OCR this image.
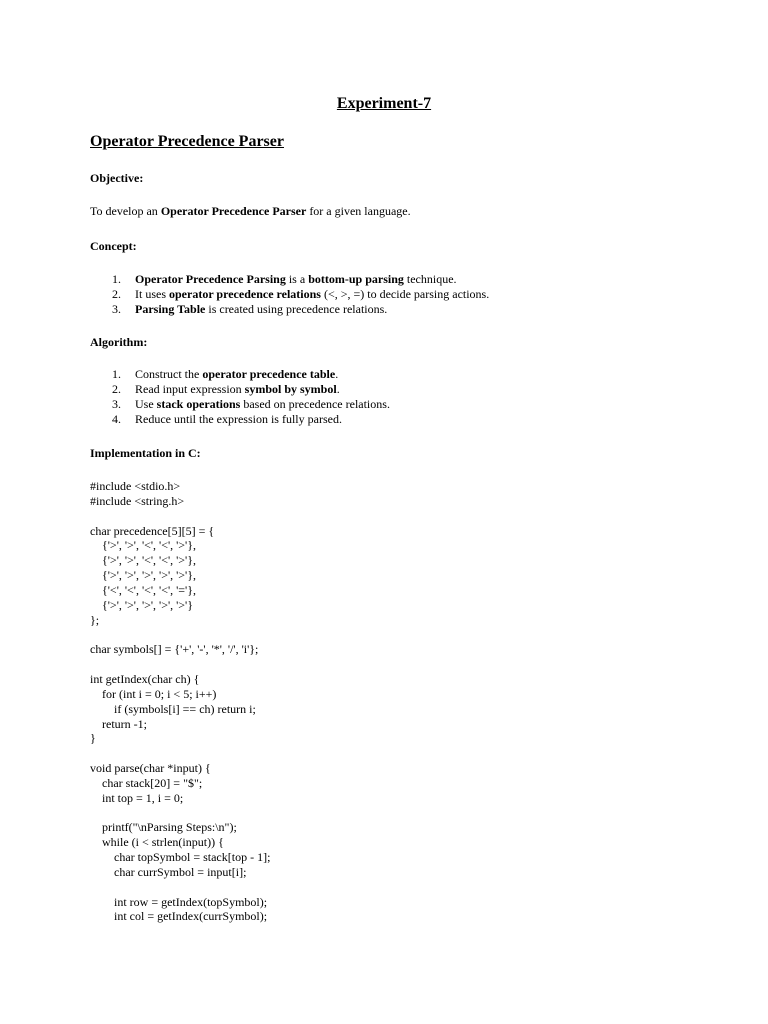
Experiment-7
Operator Precedence Parser
Objective:
To develop an Operator Precedence Parser for a given language.
Concept:
1.	Operator Precedence Parsing is a bottom-up parsing technique.
2.	It uses operator precedence relations (<, >, =) to decide parsing actions.
3.	Parsing Table is created using precedence relations.
Algorithm:
1.	Construct the operator precedence table.
2.	Read input expression symbol by symbol.
3.	Use stack operations based on precedence relations.
4.	Reduce until the expression is fully parsed.
Implementation in C:
#include <stdio.h>
#include <string.h>

char precedence[5][5] = {
{'>', '>', '<', '<', '>'},
{'>', '>', '<', '<', '>'},
{'>', '>', '>', '>', '>'},
{'<', '<', '<', '<', '='},
{'>', '>', '>', '>', '>'}
};

char symbols[] = {'+', '-', '*', '/', 'i'};

int getIndex(char ch) {
for (int i = 0; i < 5; i++)
if (symbols[i] == ch) return i;
return -1;
}

void parse(char *input) {
char stack[20] = "$";
int top = 1, i = 0;

printf("\nParsing Steps:\n");
while (i < strlen(input)) {
char topSymbol = stack[top - 1];
char currSymbol = input[i];

int row = getIndex(topSymbol);
int col = getIndex(currSymbol);
